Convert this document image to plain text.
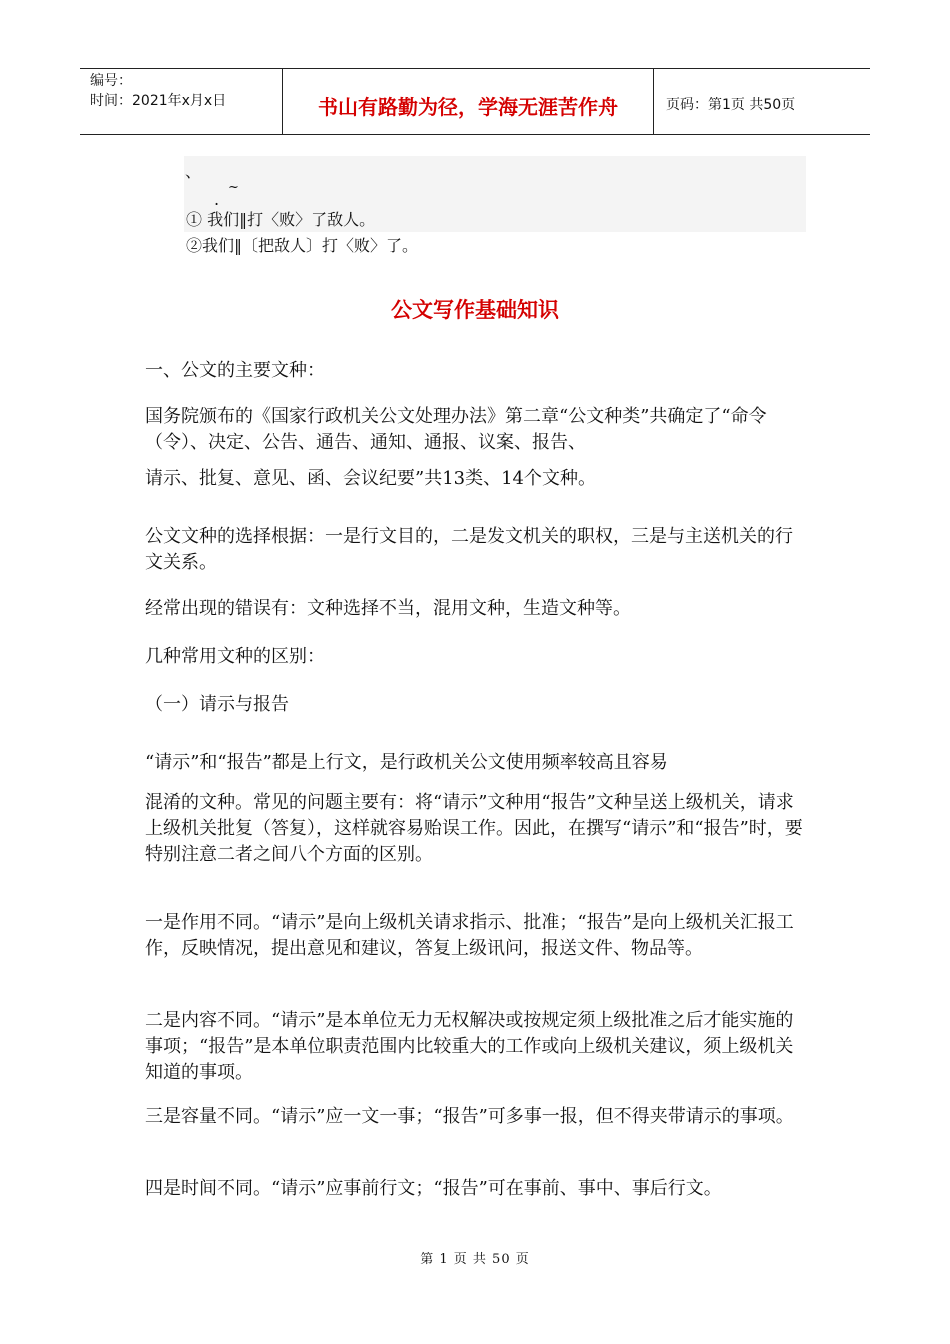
编号：
时间：2021年x月x日	书山有路勤为径，学海无涯苦作舟	页码：第1页 共50页
、
~
.
① 我们‖打〈败〉了敌人。
②我们‖〔把敌人〕打〈败〉了。
公文写作基础知识

一、公文的主要文种：

国务院颁布的《国家行政机关公文处理办法》第二章“公文种类”共确定了“命令（令）、决定、公告、通告、通知、通报、议案、报告、

请示、批复、意见、函、会议纪要”共13类、14个文种。

公文文种的选择根据：一是行文目的，二是发文机关的职权，三是与主送机关的行文关系。

经常出现的错误有：文种选择不当，混用文种，生造文种等。

几种常用文种的区别：

（一）请示与报告

“请示”和“报告”都是上行文，是行政机关公文使用频率较高且容易

混淆的文种。常见的问题主要有：将“请示”文种用“报告”文种呈送上级机关，请求上级机关批复（答复），这样就容易贻误工作。因此，在撰写“请示”和“报告”时，要特别注意二者之间八个方面的区别。

一是作用不同。“请示”是向上级机关请求指示、批准；“报告”是向上级机关汇报工作，反映情况，提出意见和建议，答复上级讯问，报送文件、物品等。

二是内容不同。“请示”是本单位无力无权解决或按规定须上级批准之后才能实施的事项；“报告”是本单位职责范围内比较重大的工作或向上级机关建议，须上级机关知道的事项。

三是容量不同。“请示”应一文一事；“报告”可多事一报，但不得夹带请示的事项。

四是时间不同。“请示”应事前行文；“报告”可在事前、事中、事后行文。

第 1 页 共 50 页
